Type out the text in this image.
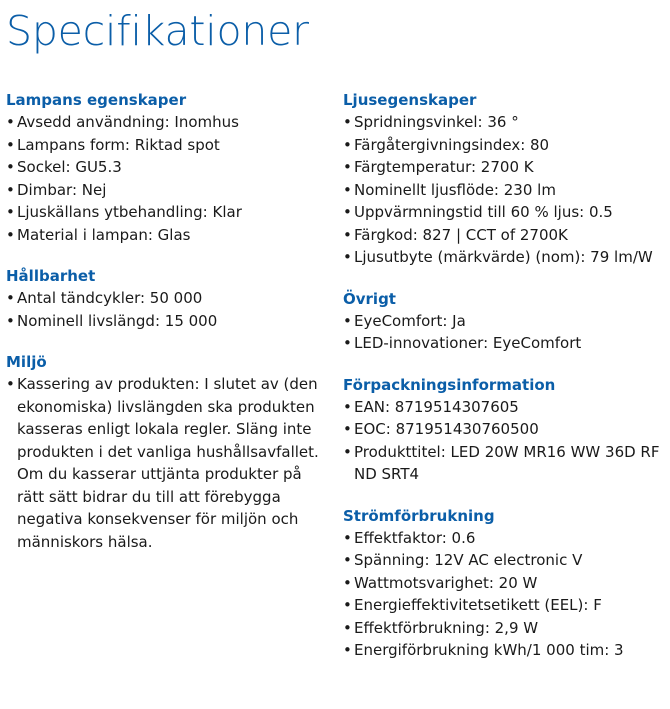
Specifikationer
Lampans egenskaper
• Avsedd användning: Inomhus
• Lampans form: Riktad spot
• Sockel: GU5.3
• Dimbar: Nej
• Ljuskällans ytbehandling: Klar
• Material i lampan: Glas
Hållbarhet
• Antal tändcykler: 50 000
• Nominell livslängd: 15 000
Miljö
• Kassering av produkten: I slutet av (den ekonomiska) livslängden ska produkten kasseras enligt lokala regler. Släng inte produkten i det vanliga hushållsavfallet. Om du kasserar uttjänta produkter på rätt sätt bidrar du till att förebygga negativa konsekvenser för miljön och människors hälsa.
Ljusegenskaper
• Spridningsvinkel: 36 °
• Färgåtergivningsindex: 80
• Färgtemperatur: 2700 K
• Nominellt ljusflöde: 230 lm
• Uppvärmningstid till 60 % ljus: 0.5
• Färgkod: 827 | CCT of 2700K
• Ljusutbyte (märkvärde) (nom): 79 lm/W
Övrigt
• EyeComfort: Ja
• LED-innovationer: EyeComfort
Förpackningsinformation
• EAN: 8719514307605
• EOC: 871951430760500
• Produkttitel: LED 20W MR16 WW 36D RF ND SRT4
Strömförbrukning
• Effektfaktor: 0.6
• Spänning: 12V AC electronic V
• Wattmotsvarighet: 20 W
• Energieffektivitetsetikett (EEL): F
• Effektförbrukning: 2,9 W
• Energiförbrukning kWh/1 000 tim: 3
